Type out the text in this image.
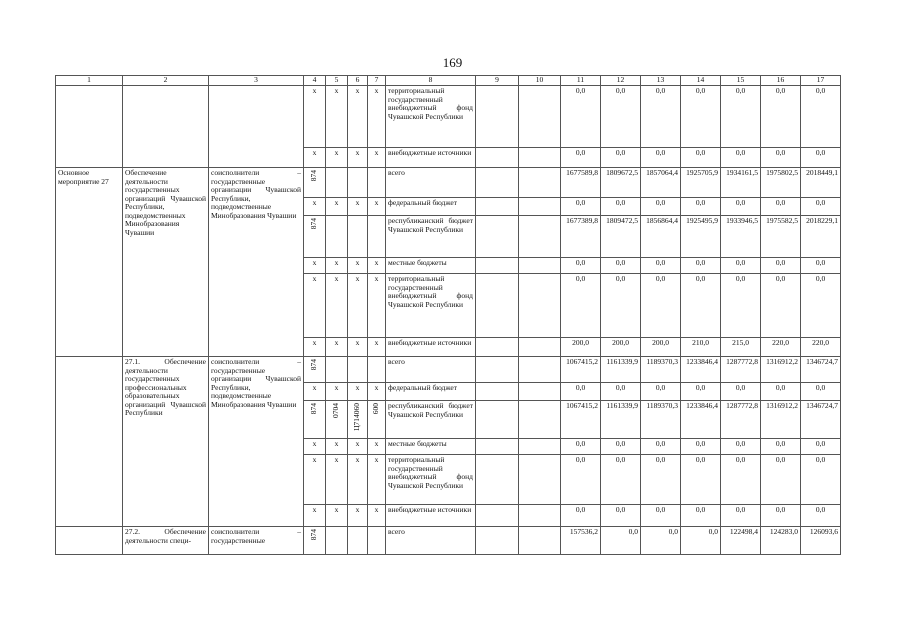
169
1	2	3	4	5	6	7	8	9	10	11	12	13	14	15	16	17
			x	x	x	x	территориальный государственный внебюджетный фонд Чувашской Республики			0,0	0,0	0,0	0,0	0,0	0,0	0,0
			x	x	x	x	внебюджетные источники			0,0	0,0	0,0	0,0	0,0	0,0	0,0
Основное мероприятие 27	Обеспечение деятельности государственных организаций Чувашской Республики, подведомственных Минобразования Чувашии	соисполнители – государственные организации Чувашской Республики, подведомственные Минобразования Чувашии	874				всего			1677589,8	1809672,5	1857064,4	1925705,9	1934161,5	1975802,5	2018449,1
			x	x	x	x	федеральный бюджет			0,0	0,0	0,0	0,0	0,0	0,0	0,0
			874				республиканский бюджет Чувашской Республики			1677389,8	1809472,5	1856864,4	1925495,9	1933946,5	1975582,5	2018229,1
			x	x	x	x	местные бюджеты			0,0	0,0	0,0	0,0	0,0	0,0	0,0
			x	x	x	x	территориальный государственный внебюджетный фонд Чувашской Республики			0,0	0,0	0,0	0,0	0,0	0,0	0,0
			x	x	x	x	внебюджетные источники			200,0	200,0	200,0	210,0	215,0	220,0	220,0
	27.1. Обеспечение деятельности государственных профессиональных образовательных организаций Чувашской Республики	соисполнители – государственные организации Чувашской Республики, подведомственные Минобразования Чувашии	874				всего			1067415,2	1161339,9	1189370,3	1233846,4	1287772,8	1316912,2	1346724,7
			x	x	x	x	федеральный бюджет			0,0	0,0	0,0	0,0	0,0	0,0	0,0
			874	0704	Ц714060	600	республиканский бюджет Чувашской Республики			1067415,2	1161339,9	1189370,3	1233846,4	1287772,8	1316912,2	1346724,7
			x	x	x	x	местные бюджеты			0,0	0,0	0,0	0,0	0,0	0,0	0,0
			x	x	x	x	территориальный государственный внебюджетный фонд Чувашской Республики			0,0	0,0	0,0	0,0	0,0	0,0	0,0
			x	x	x	x	внебюджетные источники			0,0	0,0	0,0	0,0	0,0	0,0	0,0
	27.2. Обеспечение деятельности специ-	соисполнители – государственные	874				всего			157536,2	0,0	0,0	0,0	122498,4	124283,0	126093,6
